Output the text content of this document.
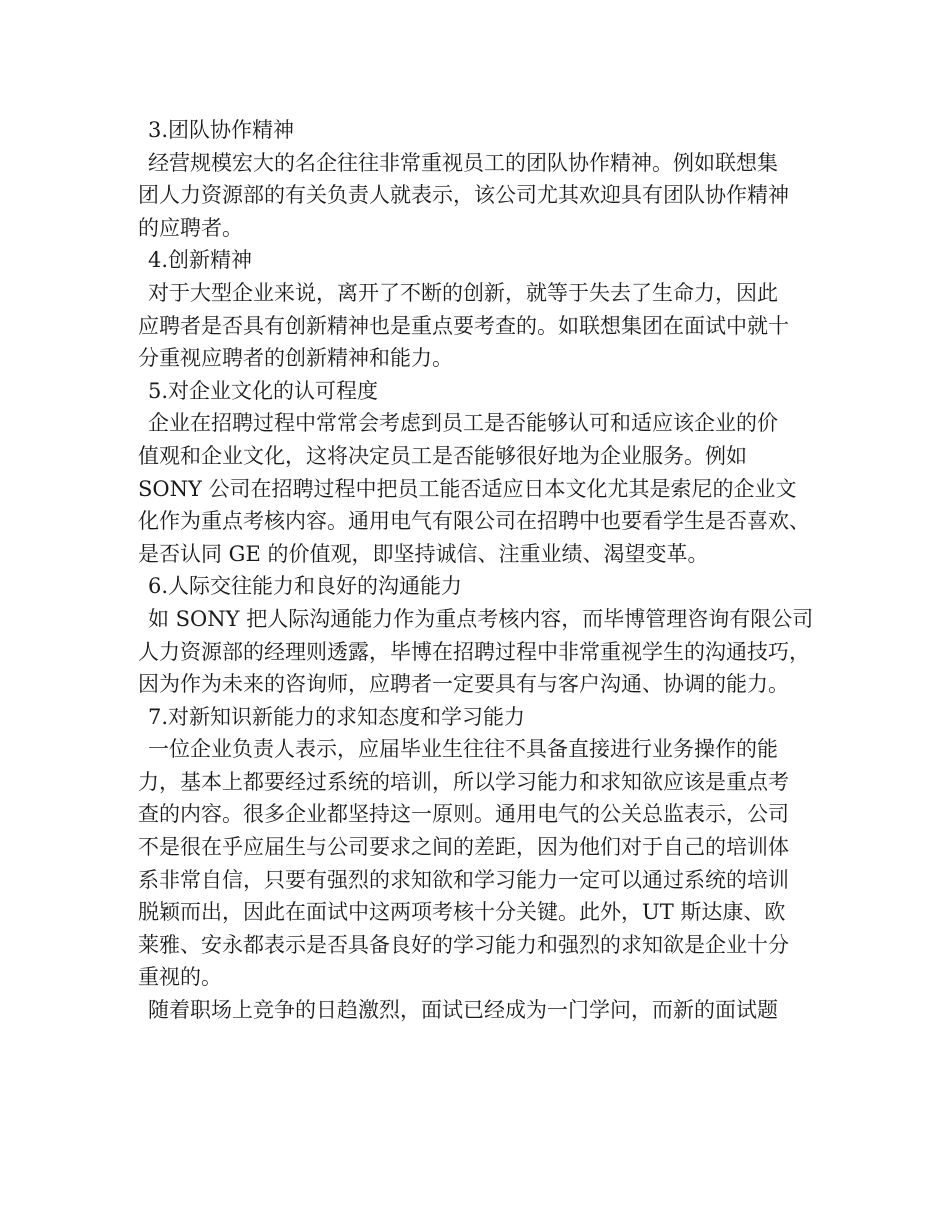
3.团队协作精神
经营规模宏大的名企往往非常重视员工的团队协作精神。例如联想集
团人力资源部的有关负责人就表示，该公司尤其欢迎具有团队协作精神
的应聘者。
4.创新精神
对于大型企业来说，离开了不断的创新，就等于失去了生命力，因此
应聘者是否具有创新精神也是重点要考查的。如联想集团在面试中就十
分重视应聘者的创新精神和能力。
5.对企业文化的认可程度
企业在招聘过程中常常会考虑到员工是否能够认可和适应该企业的价
值观和企业文化，这将决定员工是否能够很好地为企业服务。例如
SONY 公司在招聘过程中把员工能否适应日本文化尤其是索尼的企业文
化作为重点考核内容。通用电气有限公司在招聘中也要看学生是否喜欢、
是否认同 GE 的价值观，即坚持诚信、注重业绩、渴望变革。
6.人际交往能力和良好的沟通能力
如 SONY 把人际沟通能力作为重点考核内容，而毕博管理咨询有限公司
人力资源部的经理则透露，毕博在招聘过程中非常重视学生的沟通技巧，
因为作为未来的咨询师，应聘者一定要具有与客户沟通、协调的能力。
7.对新知识新能力的求知态度和学习能力
一位企业负责人表示，应届毕业生往往不具备直接进行业务操作的能
力，基本上都要经过系统的培训，所以学习能力和求知欲应该是重点考
查的内容。很多企业都坚持这一原则。通用电气的公关总监表示，公司
不是很在乎应届生与公司要求之间的差距，因为他们对于自己的培训体
系非常自信，只要有强烈的求知欲和学习能力一定可以通过系统的培训
脱颖而出，因此在面试中这两项考核十分关键。此外，UT 斯达康、欧
莱雅、安永都表示是否具备良好的学习能力和强烈的求知欲是企业十分
重视的。
随着职场上竞争的日趋激烈，面试已经成为一门学问，而新的面试题
